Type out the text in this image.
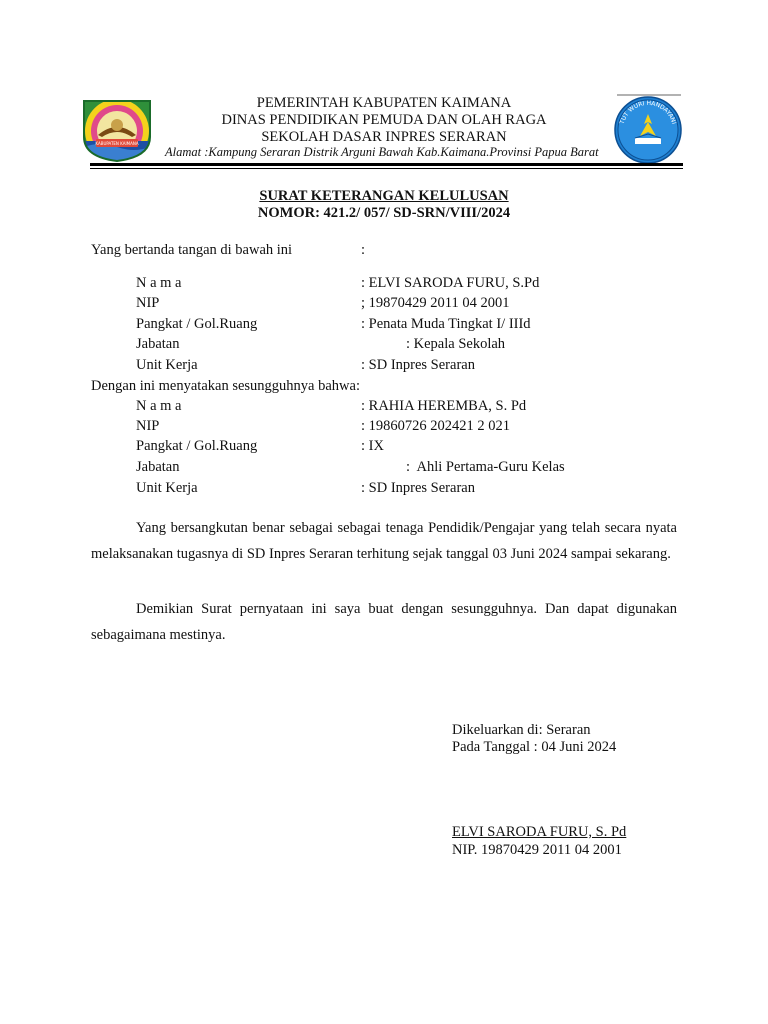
KABUPATEN KAIMANA
TUT WURI HANDAYANI
PEMERINTAH KABUPATEN KAIMANA
DINAS PENDIDIKAN PEMUDA DAN OLAH RAGA
SEKOLAH DASAR INPRES SERARAN
Alamat :Kampung Seraran Distrik Arguni Bawah Kab.Kaimana.Provinsi Papua Barat
SURAT KETERANGAN KELULUSAN
NOMOR: 421.2/ 057/ SD-SRN/VIII/2024
Yang bertanda tangan di bawah ini	:
N a m a	: ELVI SARODA FURU, S.Pd
NIP	; 19870429 2011 04 2001
Pangkat / Gol.Ruang	: Penata Muda Tingkat I/ IIId
Jabatan	: Kepala Sekolah
Unit Kerja	: SD Inpres Seraran
Dengan ini menyatakan sesungguhnya bahwa:
N a m a	: RAHIA HEREMBA, S. Pd
NIP	: 19860726 202421 2 021
Pangkat / Gol.Ruang	: IX
Jabatan	:  Ahli Pertama-Guru Kelas
Unit Kerja	: SD Inpres Seraran
Yang bersangkutan benar sebagai sebagai tenaga Pendidik/Pengajar yang telah secara nyata melaksanakan tugasnya di SD Inpres Seraran terhitung sejak tanggal 03 Juni 2024 sampai sekarang.
Demikian Surat pernyataan ini saya buat dengan sesungguhnya. Dan dapat digunakan sebagaimana mestinya.
Dikeluarkan di: Seraran
Pada Tanggal : 04 Juni 2024
ELVI SARODA FURU, S. Pd
NIP. 19870429 2011 04 2001
